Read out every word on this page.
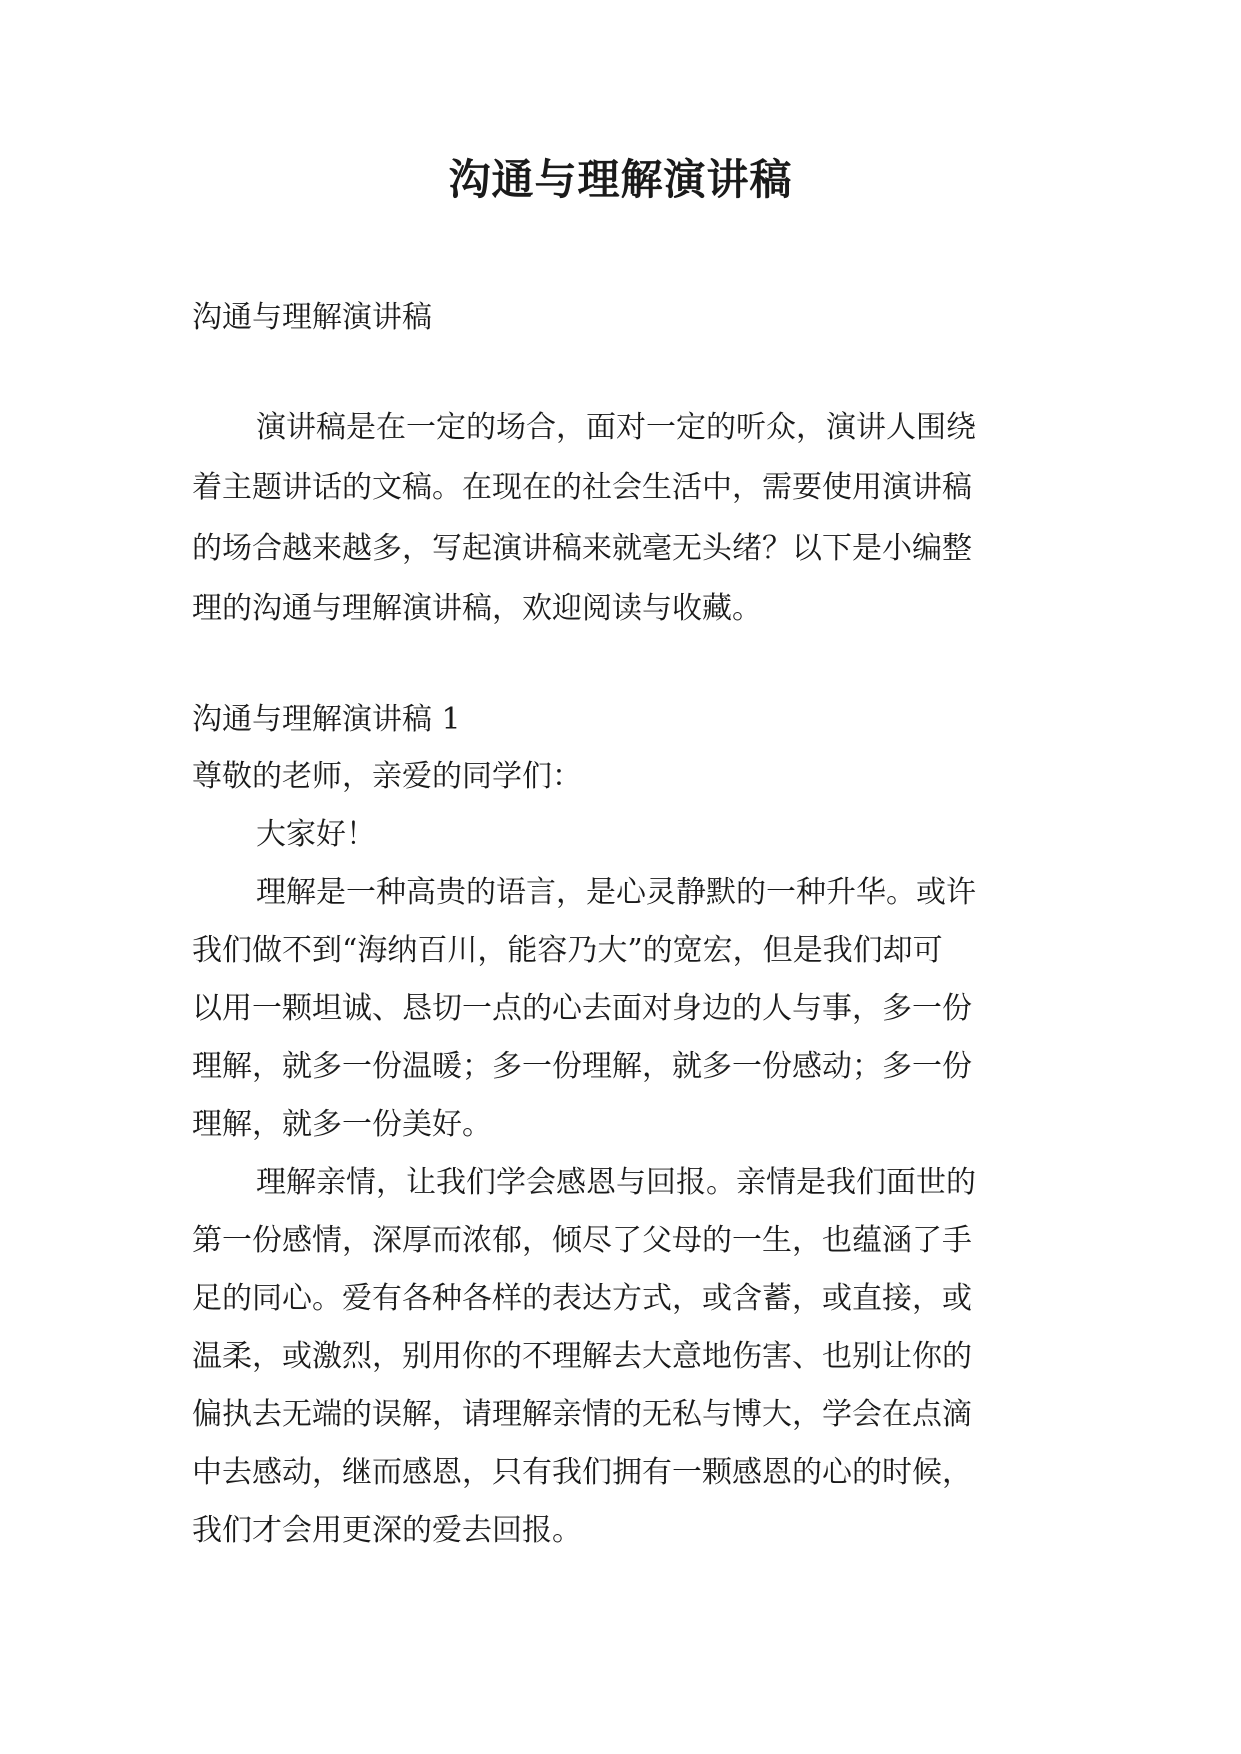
沟通与理解演讲稿

沟通与理解演讲稿

演讲稿是在一定的场合，面对一定的听众，演讲人围绕

着主题讲话的文稿。在现在的社会生活中，需要使用演讲稿

的场合越来越多，写起演讲稿来就毫无头绪？以下是小编整

理的沟通与理解演讲稿，欢迎阅读与收藏。

沟通与理解演讲稿 1

尊敬的老师，亲爱的同学们：

大家好！

理解是一种高贵的语言，是心灵静默的一种升华。或许

我们做不到“海纳百川，能容乃大”的宽宏，但是我们却可

以用一颗坦诚、恳切一点的心去面对身边的人与事，多一份

理解，就多一份温暖；多一份理解，就多一份感动；多一份

理解，就多一份美好。

理解亲情，让我们学会感恩与回报。亲情是我们面世的

第一份感情，深厚而浓郁，倾尽了父母的一生，也蕴涵了手

足的同心。爱有各种各样的表达方式，或含蓄，或直接，或

温柔，或激烈，别用你的不理解去大意地伤害、也别让你的

偏执去无端的误解，请理解亲情的无私与博大，学会在点滴

中去感动，继而感恩，只有我们拥有一颗感恩的心的时候，

我们才会用更深的爱去回报。
